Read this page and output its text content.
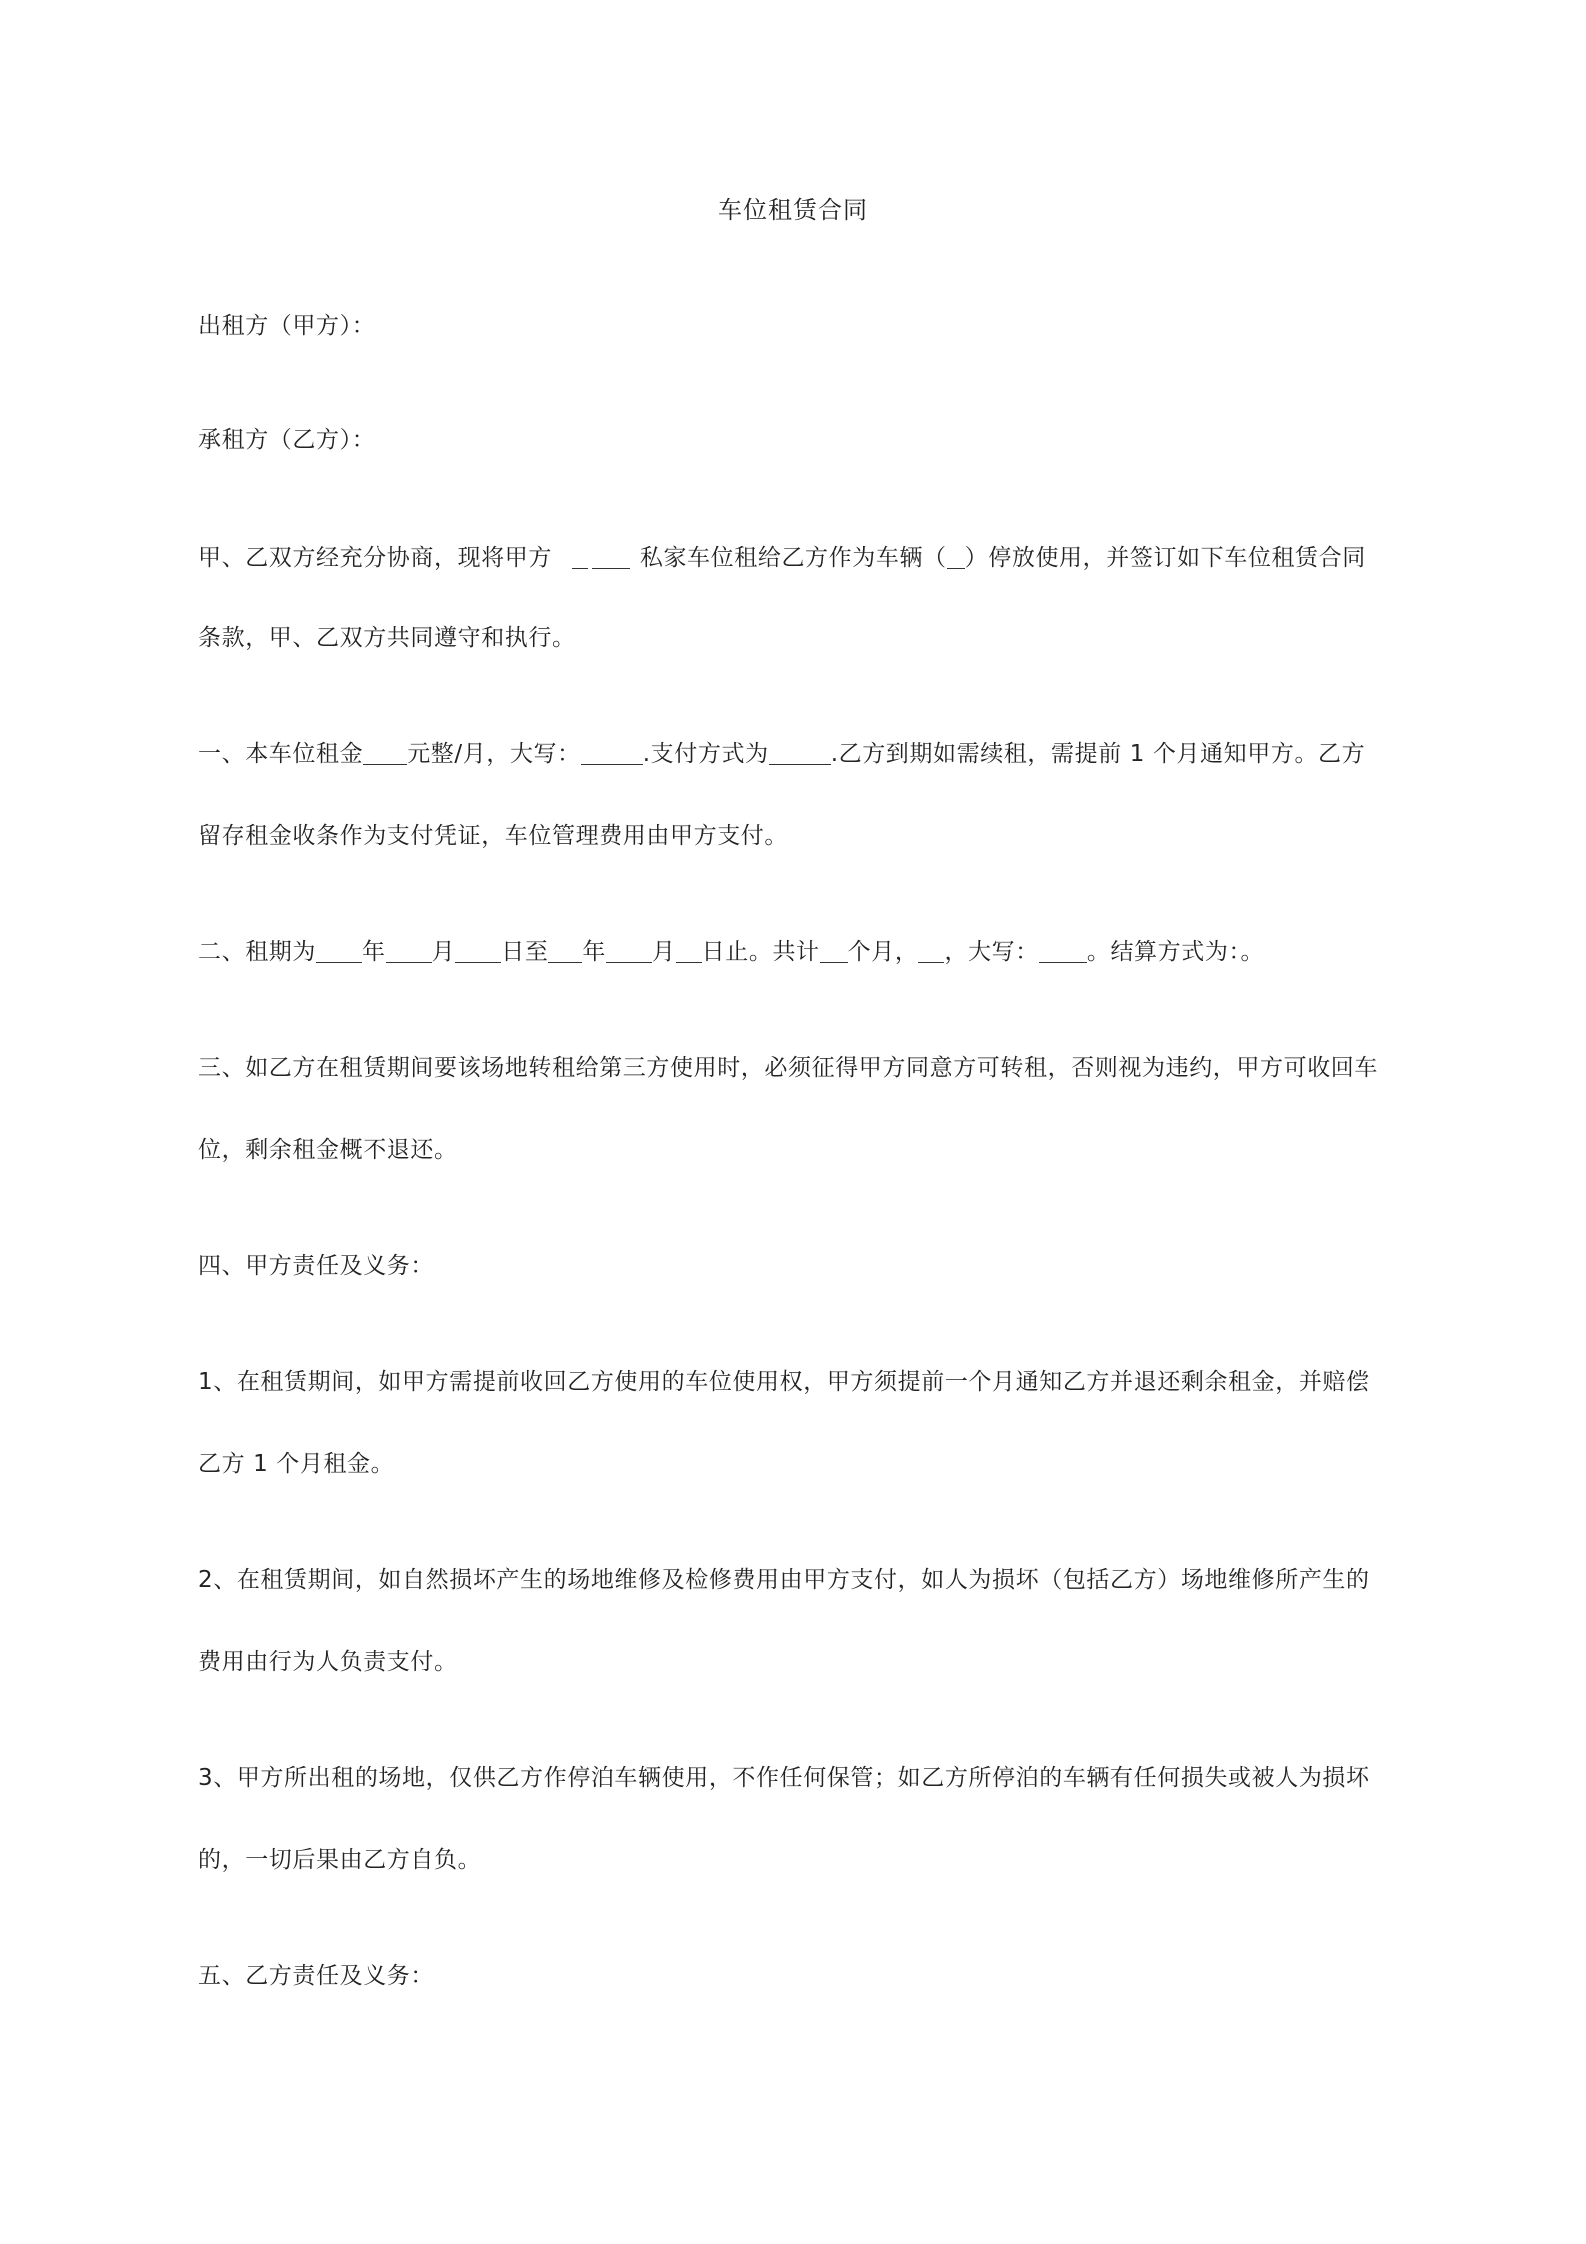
车位租赁合同
出租方（甲方）：
承租方（乙方）：
甲、乙双方经充分协商，现将甲方	私家车位租给乙方作为车辆（ ）停放使用，并签订如下车位租赁合同
条款，甲、乙双方共同遵守和执行。
一、本车位租金 元整/月，大写：	.支付方式为	.乙方到期如需续租，需提前 1 个月通知甲方。乙方
留存租金收条作为支付凭证，车位管理费用由甲方支付。
二、租期为 年 月 日至 年 月 日止。共计 个月， ，大写： 。结算方式为：。
三、如乙方在租赁期间要该场地转租给第三方使用时，必须征得甲方同意方可转租，否则视为违约，甲方可收回车
位，剩余租金概不退还。
四、甲方责任及义务：
1、在租赁期间，如甲方需提前收回乙方使用的车位使用权，甲方须提前一个月通知乙方并退还剩余租金，并赔偿
乙方 1 个月租金。
2、在租赁期间，如自然损坏产生的场地维修及检修费用由甲方支付，如人为损坏（包括乙方）场地维修所产生的
费用由行为人负责支付。
3、甲方所出租的场地，仅供乙方作停泊车辆使用，不作任何保管；如乙方所停泊的车辆有任何损失或被人为损坏
的，一切后果由乙方自负。
五、乙方责任及义务：
